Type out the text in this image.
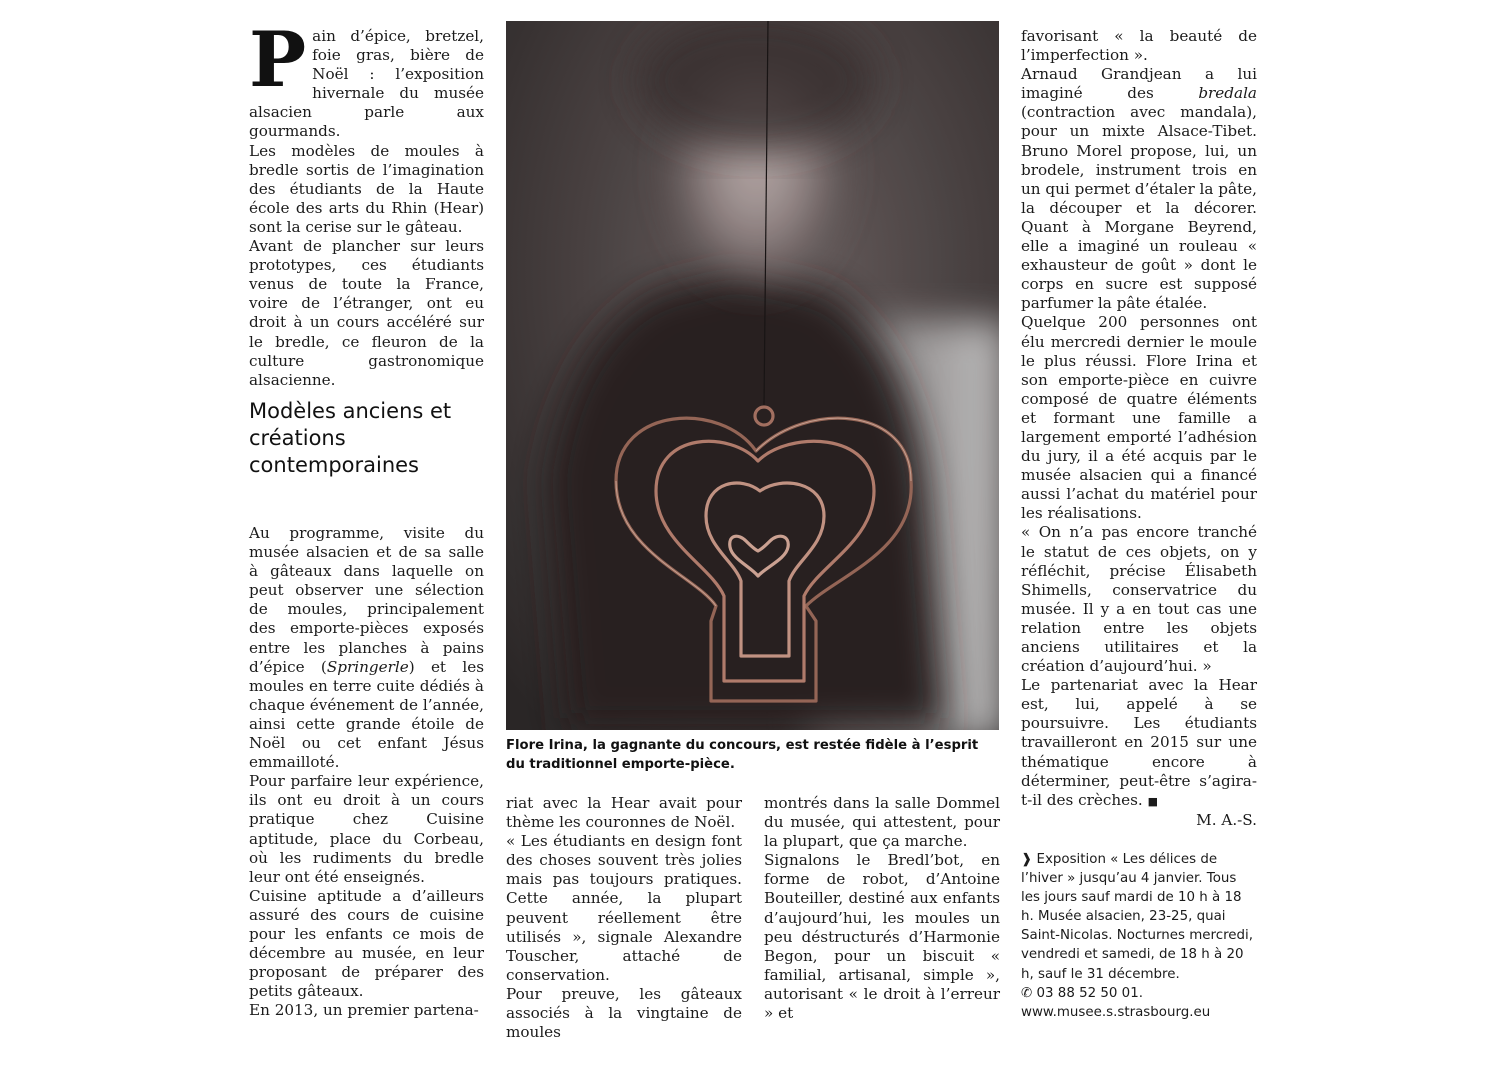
P ain d’épice, bretzel, foie gras, bière de Noël : l’exposition hivernale du musée alsacien parle aux gourmands.

Les modèles de moules à bredle sortis de l’imagination des étudiants de la Haute école des arts du Rhin (Hear) sont la cerise sur le gâteau.

Avant de plancher sur leurs prototypes, ces étudiants venus de toute la France, voire de l’étranger, ont eu droit à un cours accéléré sur le bredle, ce fleuron de la culture gastronomique alsacienne.

Modèles anciens et créations contemporaines

Au programme, visite du musée alsacien et de sa salle à gâteaux dans laquelle on peut observer une sélection de moules, principalement des emporte-pièces exposés entre les planches à pains d’épice (Springerle) et les moules en terre cuite dédiés à chaque événement de l’année, ainsi cette grande étoile de Noël ou cet enfant Jésus emmailloté.

Pour parfaire leur expérience, ils ont eu droit à un cours pratique chez Cuisine aptitude, place du Corbeau, où les rudiments du bredle leur ont été enseignés.

Cuisine aptitude a d’ailleurs assuré des cours de cuisine pour les enfants ce mois de décembre au musée, en leur proposant de préparer des petits gâteaux.

En 2013, un premier partena-

Flore Irina, la gagnante du concours, est restée fidèle à l’esprit du traditionnel emporte-pièce.

riat avec la Hear avait pour thème les couronnes de Noël.

« Les étudiants en design font des choses souvent très jolies mais pas toujours pratiques. Cette année, la plupart peuvent réellement être utilisés », signale Alexandre Touscher, attaché de conservation.

Pour preuve, les gâteaux associés à la vingtaine de moules

montrés dans la salle Dommel du musée, qui attestent, pour la plupart, que ça marche.

Signalons le Bredl’bot, en forme de robot, d’Antoine Bouteiller, destiné aux enfants d’aujourd’hui, les moules un peu déstructurés d’Harmonie Begon, pour un biscuit « familial, artisanal, simple », autorisant « le droit à l’erreur » et

favorisant « la beauté de l’imperfection ».

Arnaud Grandjean a lui imaginé des bredala (contraction avec mandala), pour un mixte Alsace-Tibet. Bruno Morel propose, lui, un brodele, instrument trois en un qui permet d’étaler la pâte, la découper et la décorer. Quant à Morgane Beyrend, elle a imaginé un rouleau « exhausteur de goût » dont le corps en sucre est supposé parfumer la pâte étalée.

Quelque 200 personnes ont élu mercredi dernier le moule le plus réussi. Flore Irina et son emporte-pièce en cuivre composé de quatre éléments et formant une famille a largement emporté l’adhésion du jury, il a été acquis par le musée alsacien qui a financé aussi l’achat du matériel pour les réalisations.

« On n’a pas encore tranché le statut de ces objets, on y réfléchit, précise Élisabeth Shimells, conservatrice du musée. Il y a en tout cas une relation entre les objets anciens utilitaires et la création d’aujourd’hui. »

Le partenariat avec la Hear est, lui, appelé à se poursuivre. Les étudiants travailleront en 2015 sur une thématique encore à déterminer, peut-être s’agira-t-il des crèches. ■

M. A.-S.

❱ Exposition « Les délices de l’hiver » jusqu’au 4 janvier. Tous les jours sauf mardi de 10 h à 18 h. Musée alsacien, 23-25, quai Saint-Nicolas. Nocturnes mercredi, vendredi et samedi, de 18 h à 20 h, sauf le 31 décembre.
✆ 03 88 52 50 01.
www.musee.s.strasbourg.eu
